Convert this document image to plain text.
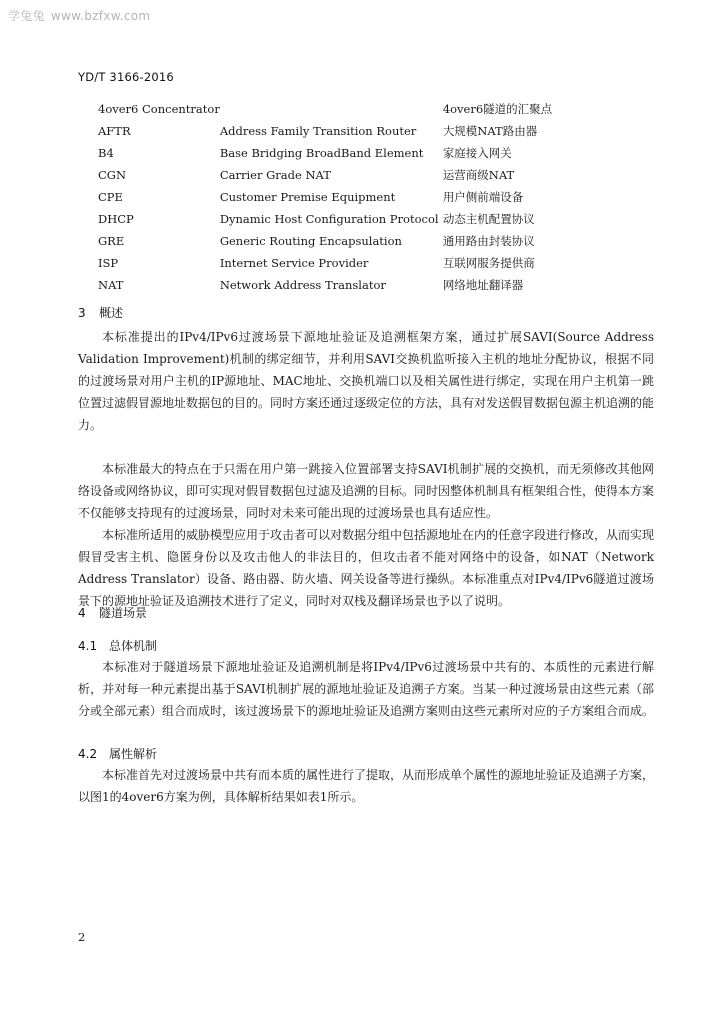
学兔兔 www.bzfxw.com
YD/T 3166-2016
4over6 Concentrator		4over6隧道的汇聚点
AFTR	Address Family Transition Router	大规模NAT路由器
B4	Base Bridging BroadBand Element	家庭接入网关
CGN	Carrier Grade NAT	运营商级NAT
CPE	Customer Premise Equipment	用户侧前端设备
DHCP	Dynamic Host Configuration Protocol	动态主机配置协议
GRE	Generic Routing Encapsulation	通用路由封装协议
ISP	Internet Service Provider	互联网服务提供商
NAT	Network Address Translator	网络地址翻译器
3 概述

本标准提出的IPv4/IPv6过渡场景下源地址验证及追溯框架方案，通过扩展SAVI(Source Address Validation Improvement)机制的绑定细节，并利用SAVI交换机监听接入主机的地址分配协议，根据不同的过渡场景对用户主机的IP源地址、MAC地址、交换机端口以及相关属性进行绑定，实现在用户主机第一跳位置过滤假冒源地址数据包的目的。同时方案还通过逐级定位的方法，具有对发送假冒数据包源主机追溯的能力。

本标准最大的特点在于只需在用户第一跳接入位置部署支持SAVI机制扩展的交换机，而无须修改其他网络设备或网络协议，即可实现对假冒数据包过滤及追溯的目标。同时因整体机制具有框架组合性，使得本方案不仅能够支持现有的过渡场景，同时对未来可能出现的过渡场景也具有适应性。

本标准所适用的威胁模型应用于攻击者可以对数据分组中包括源地址在内的任意字段进行修改，从而实现假冒受害主机、隐匿身份以及攻击他人的非法目的，但攻击者不能对网络中的设备，如NAT（Network Address Translator）设备、路由器、防火墙、网关设备等进行操纵。本标准重点对IPv4/IPv6隧道过渡场景下的源地址验证及追溯技术进行了定义，同时对双栈及翻译场景也予以了说明。

4 隧道场景
4.1 总体机制

本标准对于隧道场景下源地址验证及追溯机制是将IPv4/IPv6过渡场景中共有的、本质性的元素进行解析，并对每一种元素提出基于SAVI机制扩展的源地址验证及追溯子方案。当某一种过渡场景由这些元素（部分或全部元素）组合而成时，该过渡场景下的源地址验证及追溯方案则由这些元素所对应的子方案组合而成。

4.2 属性解析

本标准首先对过渡场景中共有而本质的属性进行了提取，从而形成单个属性的源地址验证及追溯子方案，以图1的4over6方案为例，具体解析结果如表1所示。

2
